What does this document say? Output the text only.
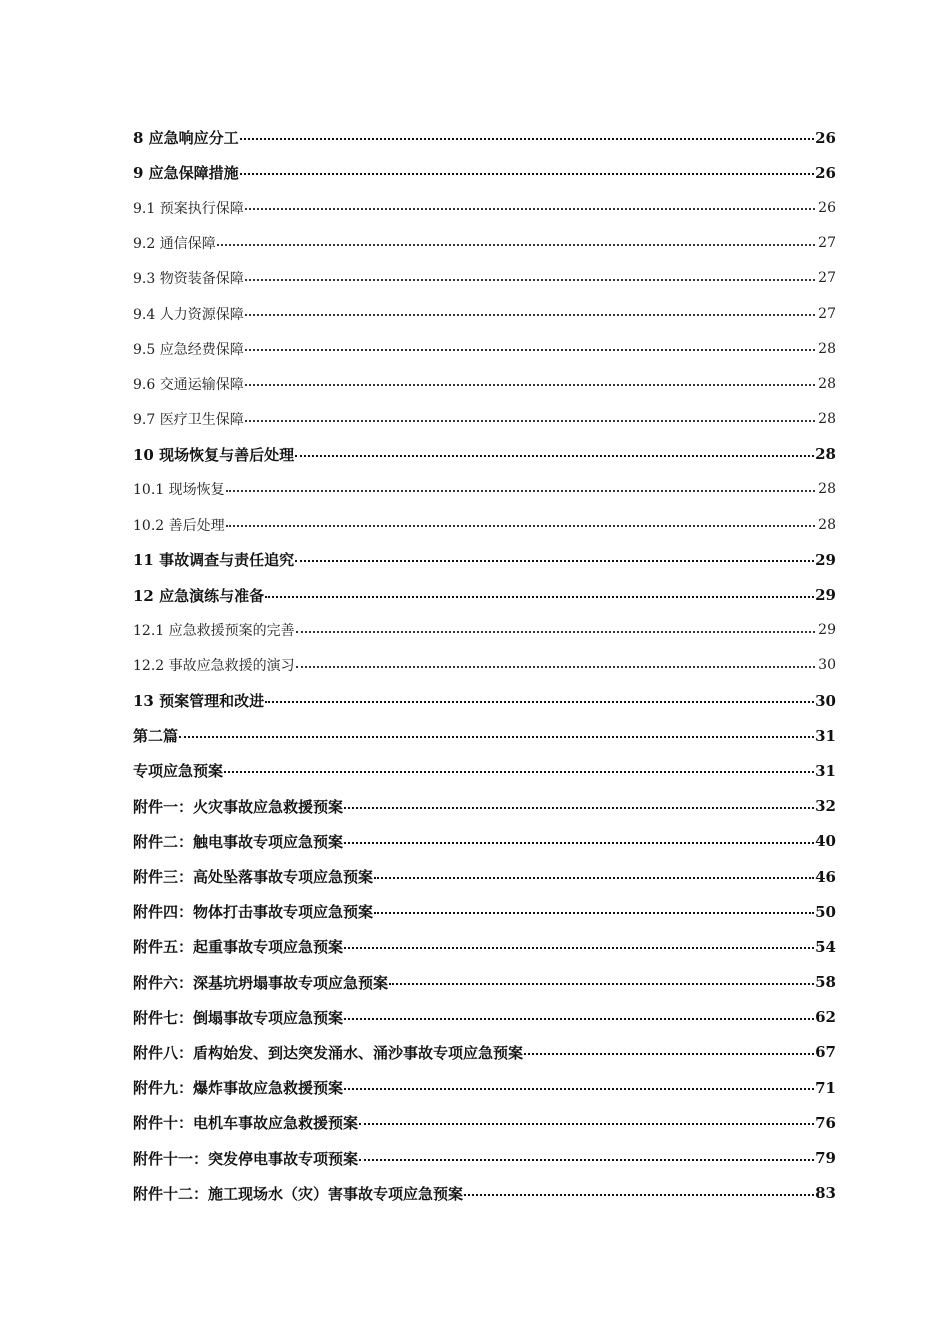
8 应急响应分工	26
9 应急保障措施	26
9.1 预案执行保障	26
9.2 通信保障	27
9.3 物资装备保障	27
9.4 人力资源保障	27
9.5 应急经费保障	28
9.6 交通运输保障	28
9.7 医疗卫生保障	28
10 现场恢复与善后处理	28
10.1 现场恢复	28
10.2 善后处理	28
11 事故调查与责任追究	29
12 应急演练与准备	29
12.1 应急救援预案的完善	29
12.2 事故应急救援的演习	30
13 预案管理和改进	30
第二篇	31
专项应急预案	31
附件一：火灾事故应急救援预案	32
附件二：触电事故专项应急预案	40
附件三：高处坠落事故专项应急预案	46
附件四：物体打击事故专项应急预案	50
附件五：起重事故专项应急预案	54
附件六：深基坑坍塌事故专项应急预案	58
附件七：倒塌事故专项应急预案	62
附件八：盾构始发、到达突发涌水、涌沙事故专项应急预案	67
附件九：爆炸事故应急救援预案	71
附件十：电机车事故应急救援预案	76
附件十一：突发停电事故专项预案	79
附件十二：施工现场水（灾）害事故专项应急预案	83
